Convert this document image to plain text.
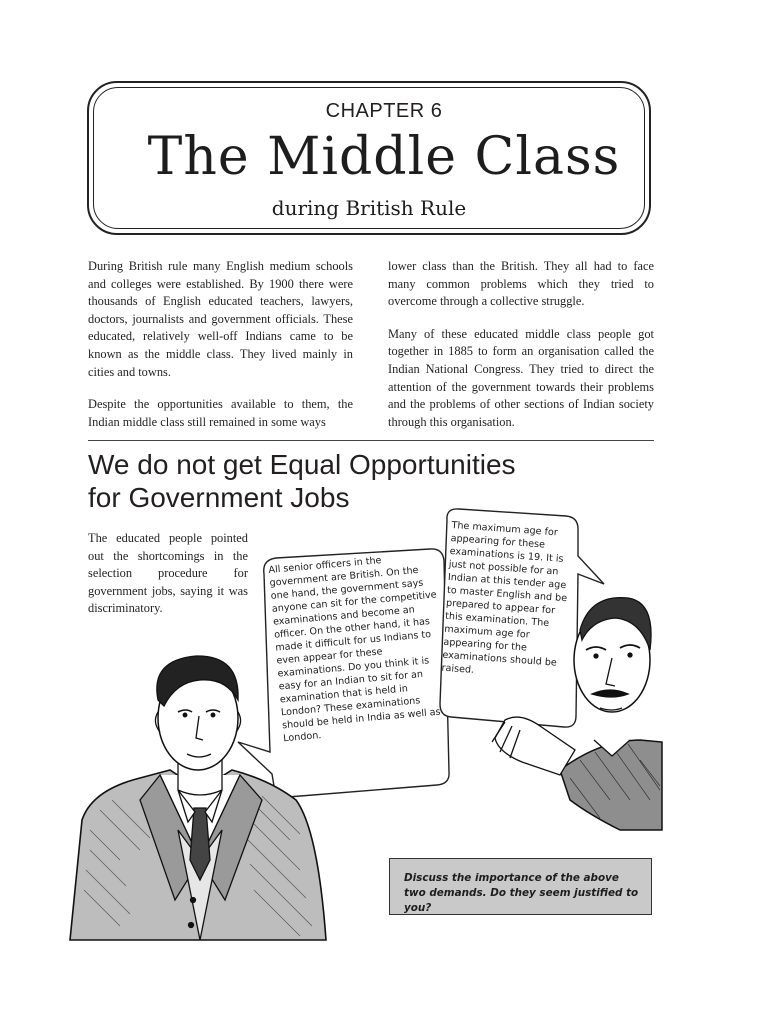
CHAPTER 6
The Middle Class
during British Rule

During British rule many English medium schools and colleges were established. By 1900 there were thousands of English educated teachers, lawyers, doctors, journalists and government officials. These educated, relatively well-off Indians came to be known as the middle class. They lived mainly in cities and towns.

Despite the opportunities available to them, the Indian middle class still remained in some ways

lower class than the British. They all had to face many common problems which they tried to overcome through a collective struggle.

Many of these educated middle class people got together in 1885 to form an organisation called the Indian National Congress. They tried to direct the attention of the government towards their problems and the problems of other sections of Indian society through this organisation.

We do not get Equal Opportunities
for Government Jobs

The educated people pointed out the shortcomings in the selection procedure for government jobs, saying it was discriminatory.

All senior officers in the government are British. On the one hand, the government says anyone can sit for the competitive examinations and become an officer. On the other hand, it has made it difficult for us Indians to even appear for these examinations. Do you think it is easy for an Indian to sit for an examination that is held in London? These examinations should be held in India as well as London.

The maximum age for appearing for these examinations is 19. It is just not possible for an Indian at this tender age to master English and be prepared to appear for this examination. The maximum age for appearing for the examinations should be raised.

Discuss the importance of the above two demands. Do they seem justified to you?
